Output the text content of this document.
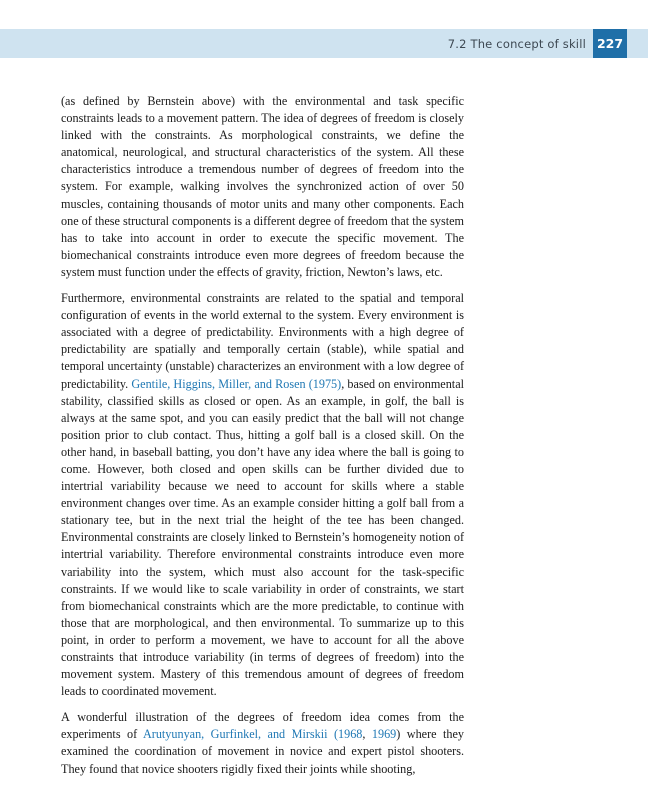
7.2 The concept of skill 227

(as defined by Bernstein above) with the environmental and task specific constraints leads to a movement pattern. The idea of degrees of freedom is closely linked with the constraints. As morphological constraints, we define the anatomical, neurological, and structural characteristics of the system. All these characteristics introduce a tremendous number of degrees of freedom into the system. For example, walking involves the synchronized action of over 50 muscles, containing thousands of motor units and many other components. Each one of these structural components is a different degree of freedom that the system has to take into account in order to execute the specific movement. The biomechanical constraints introduce even more degrees of freedom because the system must function under the effects of gravity, friction, Newton’s laws, etc.

Furthermore, environmental constraints are related to the spatial and temporal configuration of events in the world external to the system. Every environment is associated with a degree of predictability. Environments with a high degree of predictability are spatially and temporally certain (stable), while spatial and temporal uncertainty (unstable) characterizes an environment with a low degree of predictability. Gentile, Higgins, Miller, and Rosen (1975), based on environmental stability, classified skills as closed or open. As an example, in golf, the ball is always at the same spot, and you can easily predict that the ball will not change position prior to club contact. Thus, hitting a golf ball is a closed skill. On the other hand, in baseball batting, you don’t have any idea where the ball is going to come. However, both closed and open skills can be further divided due to intertrial variability because we need to account for skills where a stable environment changes over time. As an example consider hitting a golf ball from a stationary tee, but in the next trial the height of the tee has been changed. Environmental constraints are closely linked to Bernstein’s homogeneity notion of intertrial variability. Therefore environmental constraints introduce even more variability into the system, which must also account for the task-specific constraints. If we would like to scale variability in order of constraints, we start from biomechanical constraints which are the more predictable, to continue with those that are morphological, and then environmental. To summarize up to this point, in order to perform a movement, we have to account for all the above constraints that introduce variability (in terms of degrees of freedom) into the movement system. Mastery of this tremendous amount of degrees of freedom leads to coordinated movement.

A wonderful illustration of the degrees of freedom idea comes from the experiments of Arutyunyan, Gurfinkel, and Mirskii (1968, 1969) where they examined the coordination of movement in novice and expert pistol shooters. They found that novice shooters rigidly fixed their joints while shooting,
